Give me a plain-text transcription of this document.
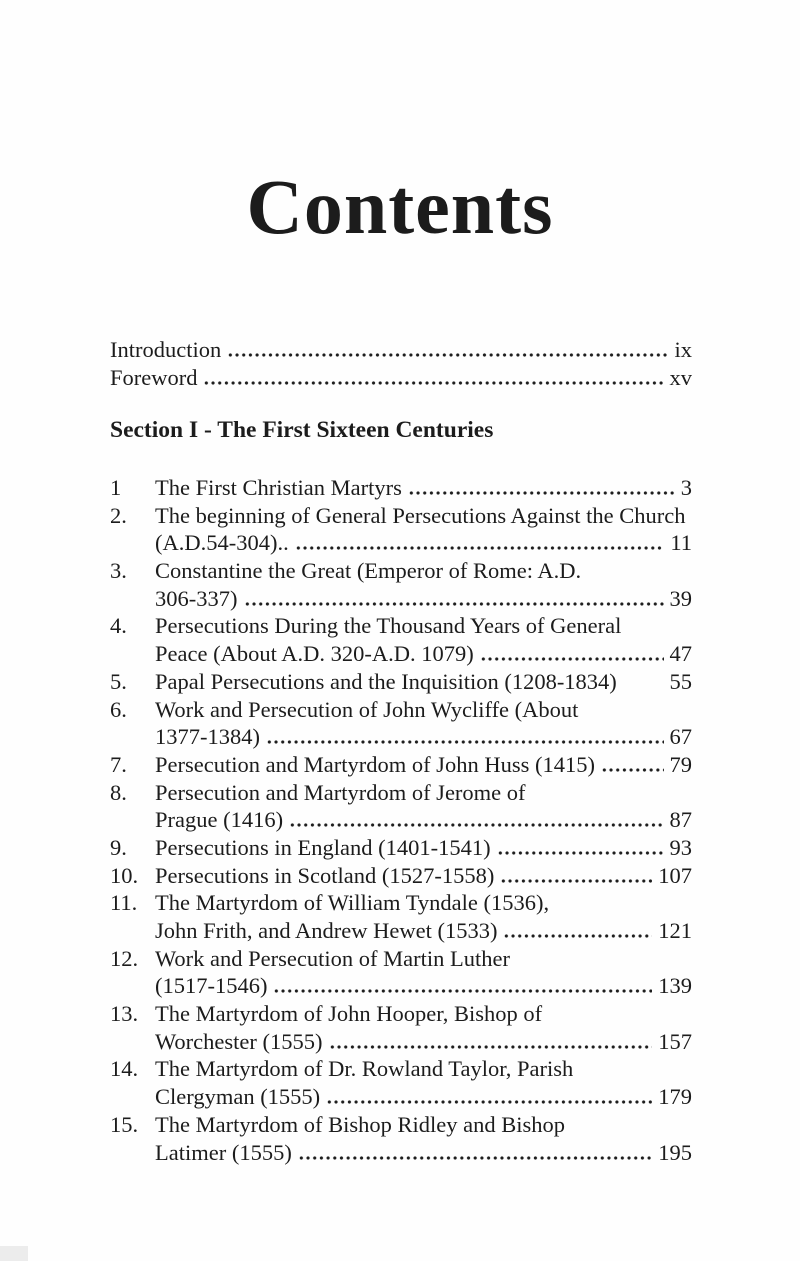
Contents
Introduction	ix
Foreword	xv
Section I - The First Sixteen Centuries
1	The First Christian Martyrs	3
2.	The beginning of General Persecutions Against the Church
(A.D.54-304)..	11
3.	Constantine the Great (Emperor of Rome: A.D.
306-337)	39
4.	Persecutions During the Thousand Years of General
Peace (About A.D. 320-A.D. 1079)	47
5.	Papal Persecutions and the Inquisition (1208-1834) 55
6.	Work and Persecution of John Wycliffe (About
1377-1384)	67
7.	Persecution and Martyrdom of John Huss (1415)	79
8.	Persecution and Martyrdom of Jerome of
Prague (1416)	87
9.	Persecutions in England (1401-1541)	93
10. Persecutions in Scotland (1527-1558)	107
11. The Martyrdom of William Tyndale (1536),
John Frith, and Andrew Hewet (1533)	121
12. Work and Persecution of Martin Luther
(1517-1546)	139
13. The Martyrdom of John Hooper, Bishop of
Worchester (1555)	157
14. The Martyrdom of Dr. Rowland Taylor, Parish
Clergyman (1555)	179
15. The Martyrdom of Bishop Ridley and Bishop
Latimer (1555)	195
